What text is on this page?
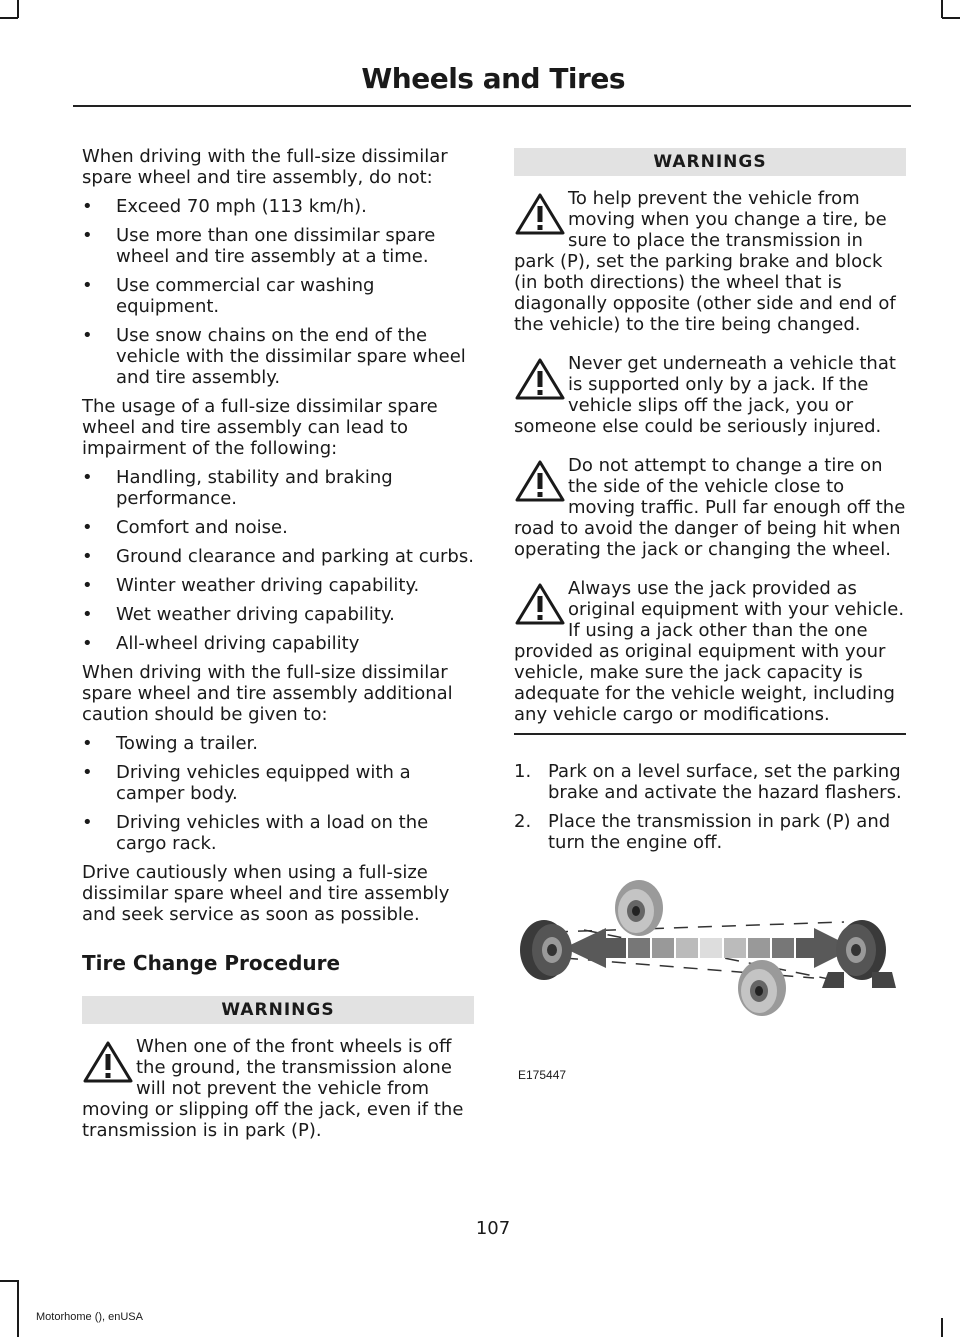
Wheels and Tires

When driving with the full-size dissimilar spare wheel and tire assembly, do not:

• Exceed 70 mph (113 km/h).
• Use more than one dissimilar spare wheel and tire assembly at a time.
• Use commercial car washing equipment.
• Use snow chains on the end of the vehicle with the dissimilar spare wheel and tire assembly.

The usage of a full-size dissimilar spare wheel and tire assembly can lead to impairment of the following:

• Handling, stability and braking performance.
• Comfort and noise.
• Ground clearance and parking at curbs.
• Winter weather driving capability.
• Wet weather driving capability.
• All-wheel driving capability

When driving with the full-size dissimilar spare wheel and tire assembly additional caution should be given to:

• Towing a trailer.
• Driving vehicles equipped with a camper body.
• Driving vehicles with a load on the cargo rack.

Drive cautiously when using a full-size dissimilar spare wheel and tire assembly and seek service as soon as possible.

Tire Change Procedure
WARNINGS
When one of the front wheels is off the ground, the transmission alone will not prevent the vehicle from moving or slipping off the jack, even if the transmission is in park (P).
WARNINGS
To help prevent the vehicle from moving when you change a tire, be sure to place the transmission in park (P), set the parking brake and block (in both directions) the wheel that is diagonally opposite (other side and end of the vehicle) to the tire being changed.
Never get underneath a vehicle that is supported only by a jack. If the vehicle slips off the jack, you or someone else could be seriously injured.
Do not attempt to change a tire on the side of the vehicle close to moving traffic. Pull far enough off the road to avoid the danger of being hit when operating the jack or changing the wheel.
Always use the jack provided as original equipment with your vehicle. If using a jack other than the one provided as original equipment with your vehicle, make sure the jack capacity is adequate for the vehicle weight, including any vehicle cargo or modifications.
1. Park on a level surface, set the parking brake and activate the hazard flashers.
2. Place the transmission in park (P) and turn the engine off.
E175447
107
Motorhome (), enUSA
